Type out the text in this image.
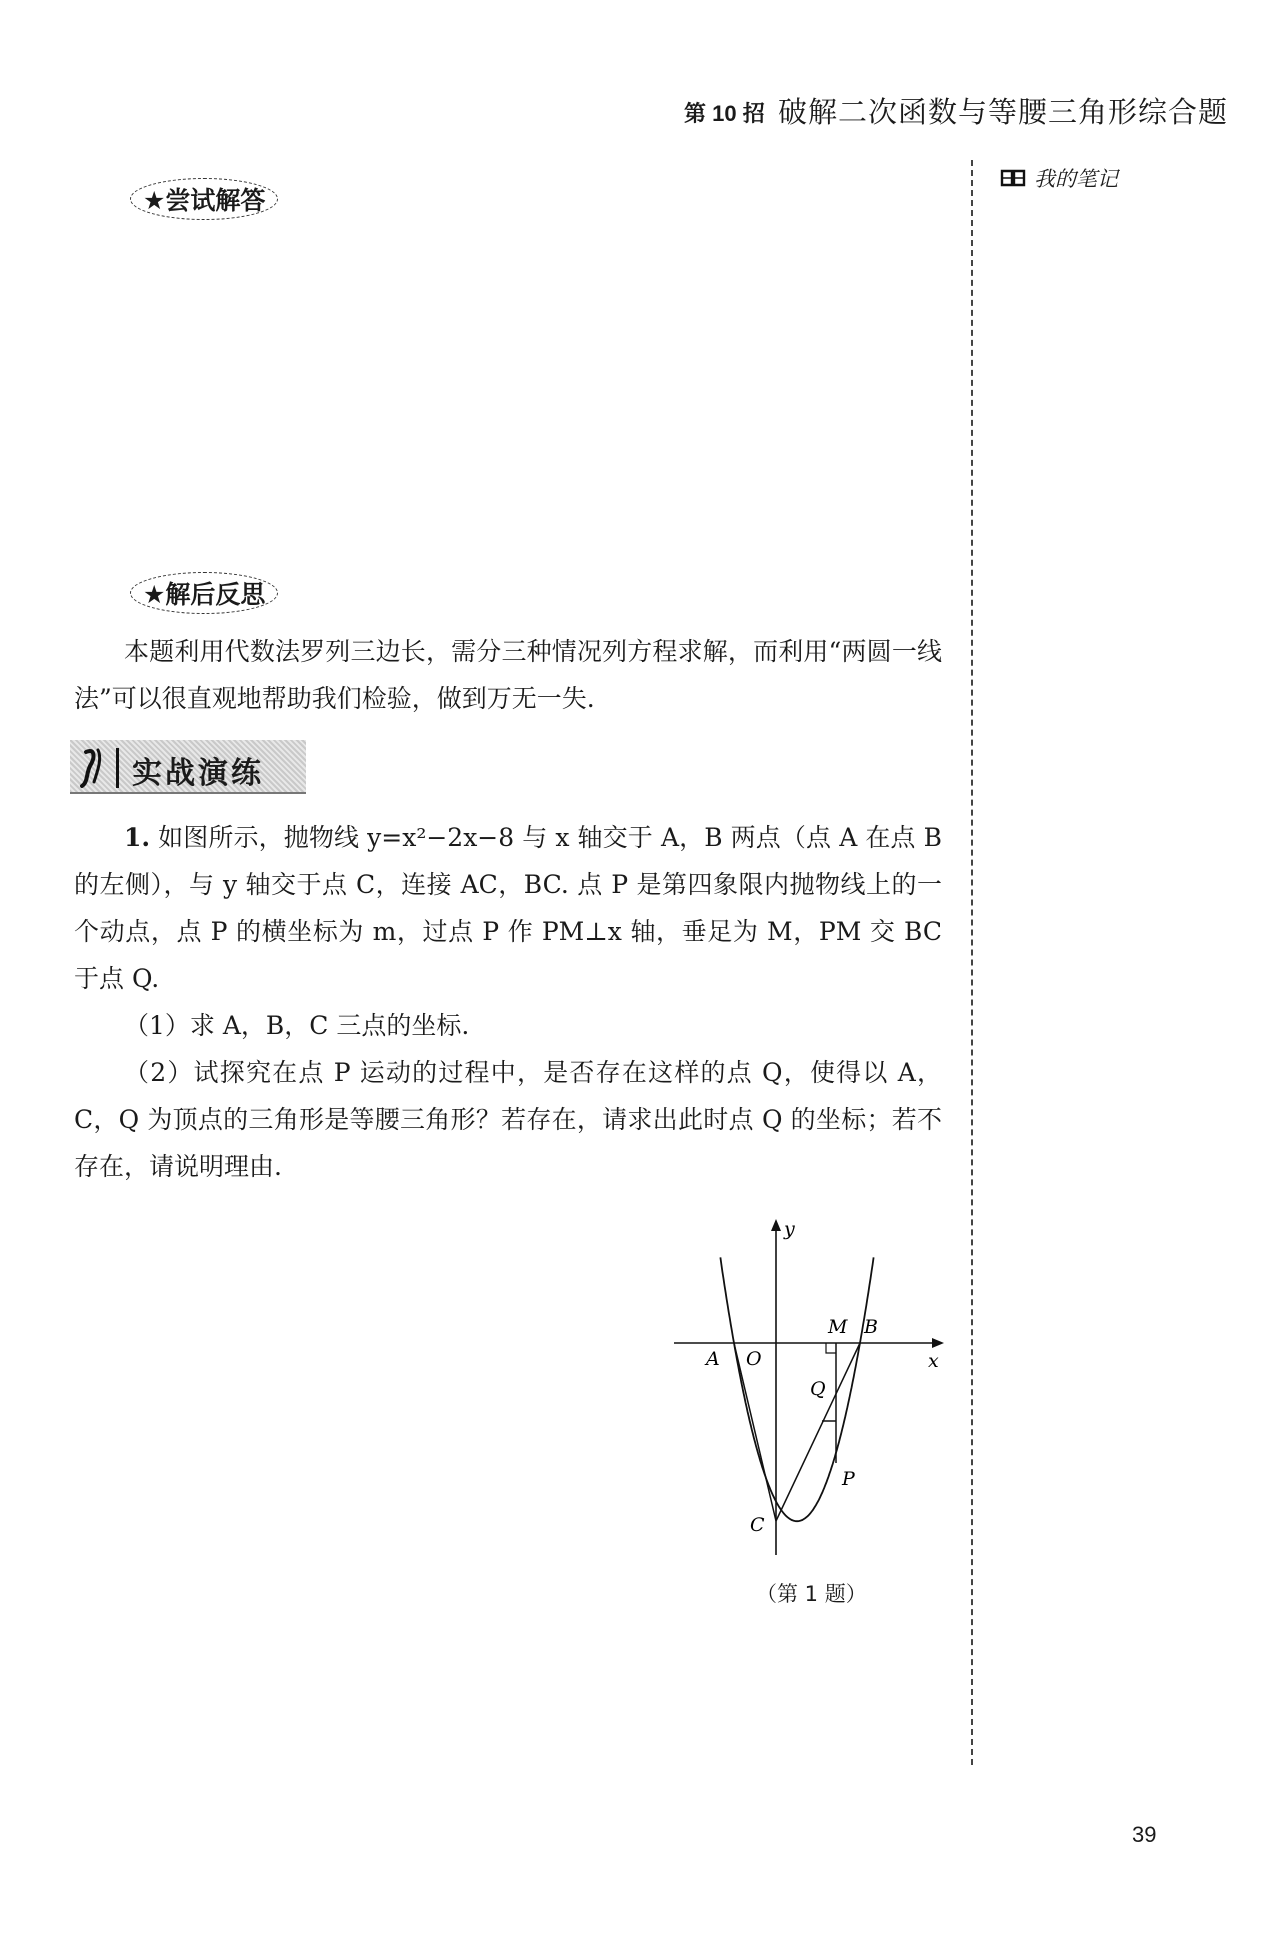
第 10 招 破解二次函数与等腰三角形综合题
我的笔记
★尝试解答
★解后反思

本题利用代数法罗列三边长，需分三种情况列方程求解，而利用“两圆一线法”可以很直观地帮助我们检验，做到万无一失.

实战演练

1. 如图所示，抛物线 y=x²−2x−8 与 x 轴交于 A，B 两点（点 A 在点 B 的左侧），与 y 轴交于点 C，连接 AC，BC. 点 P 是第四象限内抛物线上的一个动点，点 P 的横坐标为 m，过点 P 作 PM⊥x 轴，垂足为 M，PM 交 BC 于点 Q.

（1）求 A，B，C 三点的坐标.

（2）试探究在点 P 运动的过程中，是否存在这样的点 Q，使得以 A，C，Q 为顶点的三角形是等腰三角形？若存在，请求出此时点 Q 的坐标；若不存在，请说明理由.

y
x
M B
A O
Q
P
C
（第 1 题）
39
